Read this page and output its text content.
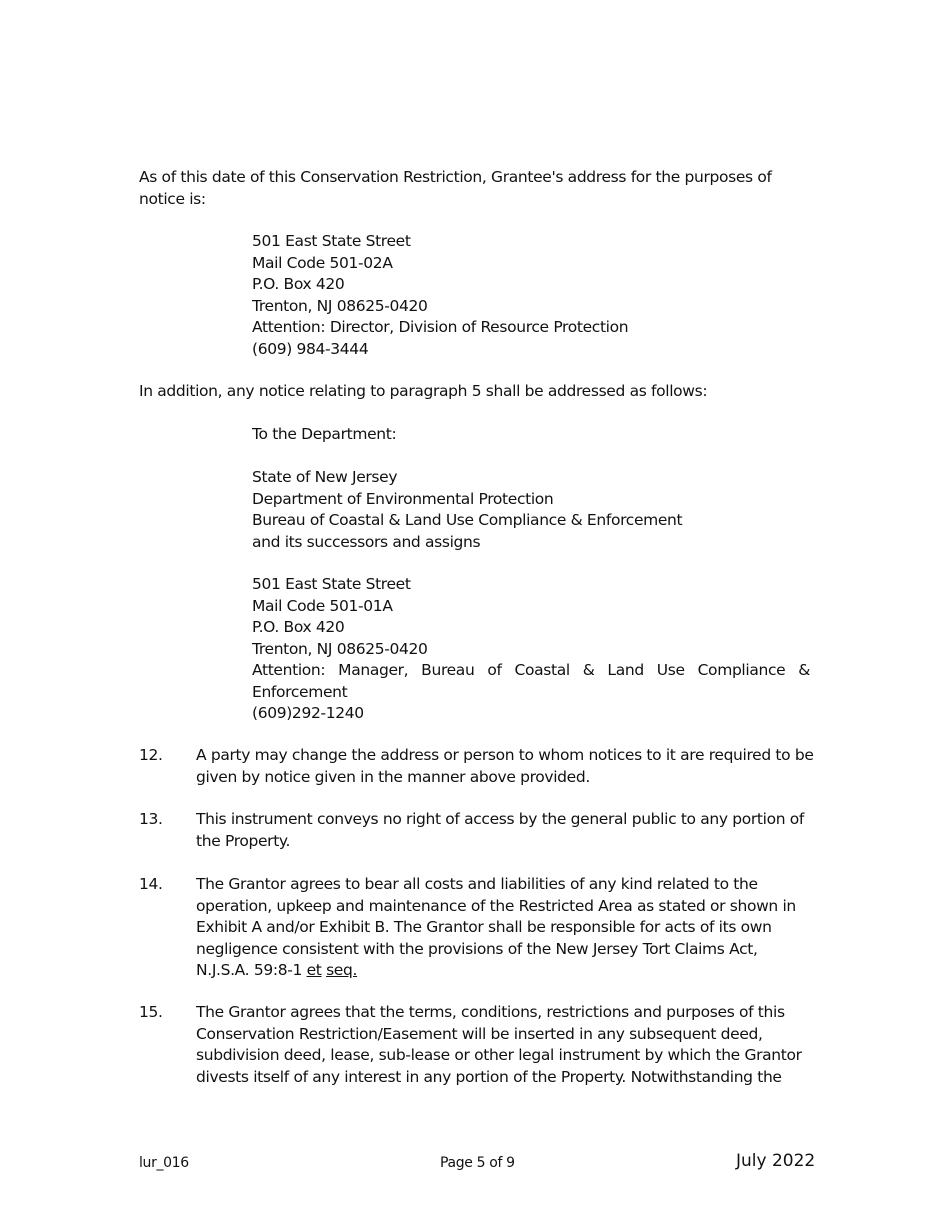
As of this date of this Conservation Restriction, Grantee's address for the purposes of
notice is:

501 East State Street
Mail Code 501-02A
P.O. Box 420
Trenton, NJ 08625-0420
Attention: Director, Division of Resource Protection
(609) 984-3444

In addition, any notice relating to paragraph 5 shall be addressed as follows:

To the Department:
State of New Jersey
Department of Environmental Protection
Bureau of Coastal & Land Use Compliance & Enforcement
and its successors and assigns
501 East State Street
Mail Code 501-01A
P.O. Box 420
Trenton, NJ 08625-0420
Attention: Manager, Bureau of Coastal & Land Use Compliance &
Enforcement
(609)292-1240
12.	A party may change the address or person to whom notices to it are required to be
given by notice given in the manner above provided.
13.	This instrument conveys no right of access by the general public to any portion of
the Property.
14.	The Grantor agrees to bear all costs and liabilities of any kind related to the
operation, upkeep and maintenance of the Restricted Area as stated or shown in
Exhibit A and/or Exhibit B. The Grantor shall be responsible for acts of its own
negligence consistent with the provisions of the New Jersey Tort Claims Act,
N.J.S.A. 59:8-1 et seq.
15.	The Grantor agrees that the terms, conditions, restrictions and purposes of this
Conservation Restriction/Easement will be inserted in any subsequent deed,
subdivision deed, lease, sub-lease or other legal instrument by which the Grantor
divests itself of any interest in any portion of the Property. Notwithstanding the
lur_016	Page 5 of 9	July 2022
